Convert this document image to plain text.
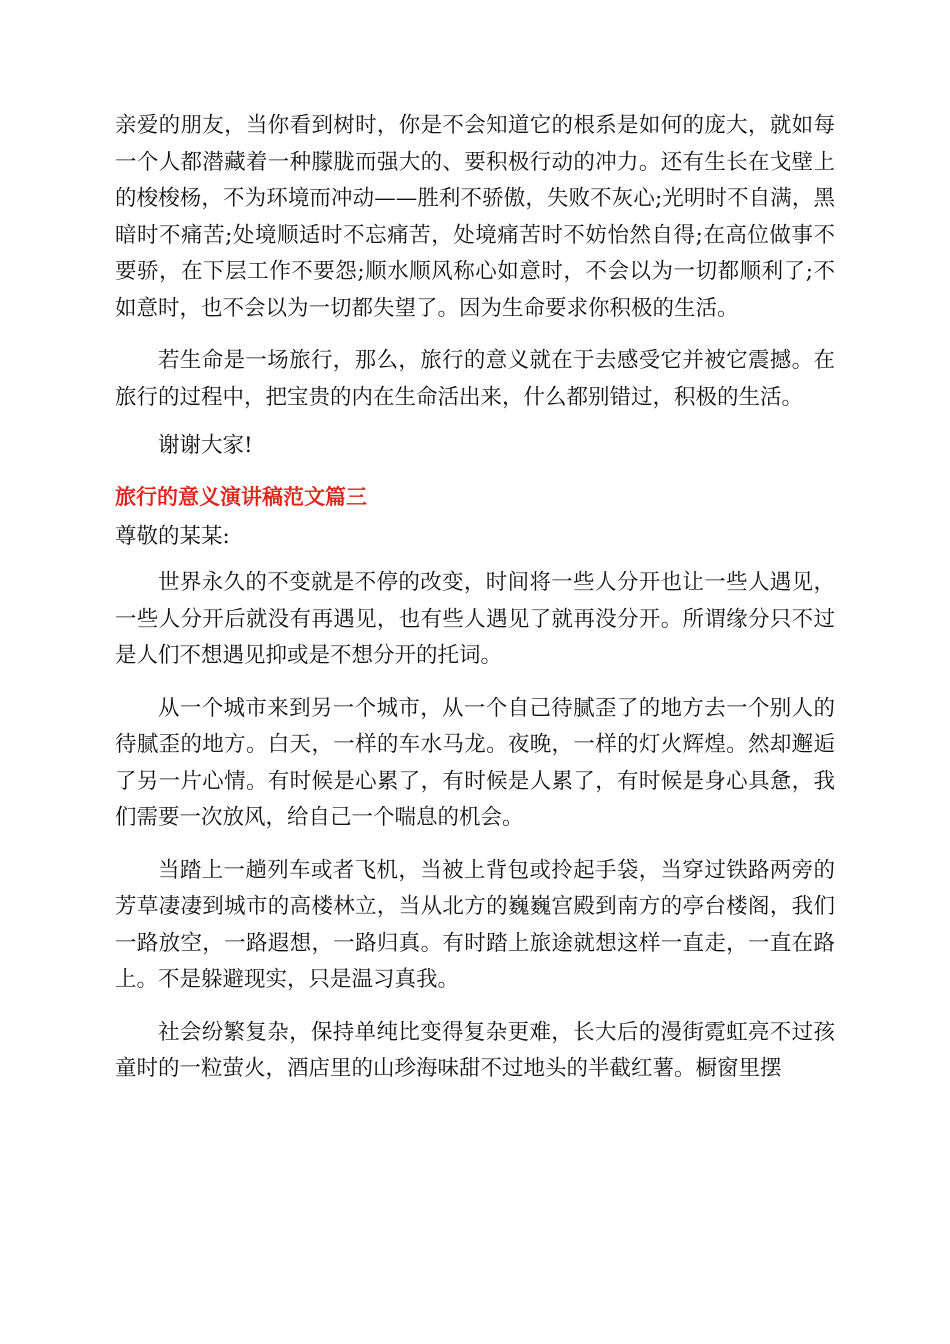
亲爱的朋友，当你看到树时，你是不会知道它的根系是如何的庞大，就如每一个人都潜藏着一种朦胧而强大的、要积极行动的冲力。还有生长在戈壁上的梭梭杨，不为环境而冲动——胜利不骄傲，失败不灰心;光明时不自满，黑暗时不痛苦;处境顺适时不忘痛苦，处境痛苦时不妨怡然自得;在高位做事不要骄，在下层工作不要怨;顺水顺风称心如意时，不会以为一切都顺利了;不如意时，也不会以为一切都失望了。因为生命要求你积极的生活。

若生命是一场旅行，那么，旅行的意义就在于去感受它并被它震撼。在旅行的过程中，把宝贵的内在生命活出来，什么都别错过，积极的生活。

谢谢大家!

旅行的意义演讲稿范文篇三

尊敬的某某:

世界永久的不变就是不停的改变，时间将一些人分开也让一些人遇见，一些人分开后就没有再遇见，也有些人遇见了就再没分开。所谓缘分只不过是人们不想遇见抑或是不想分开的托词。

从一个城市来到另一个城市，从一个自己待腻歪了的地方去一个别人的待腻歪的地方。白天，一样的车水马龙。夜晚，一样的灯火辉煌。然却邂逅了另一片心情。有时候是心累了，有时候是人累了，有时候是身心具惫，我们需要一次放风，给自己一个喘息的机会。

当踏上一趟列车或者飞机，当被上背包或拎起手袋，当穿过铁路两旁的芳草凄凄到城市的高楼林立，当从北方的巍巍宫殿到南方的亭台楼阁，我们一路放空，一路遐想，一路归真。有时踏上旅途就想这样一直走，一直在路上。不是躲避现实，只是温习真我。

社会纷繁复杂，保持单纯比变得复杂更难，长大后的漫街霓虹亮不过孩童时的一粒萤火，酒店里的山珍海味甜不过地头的半截红薯。橱窗里摆
